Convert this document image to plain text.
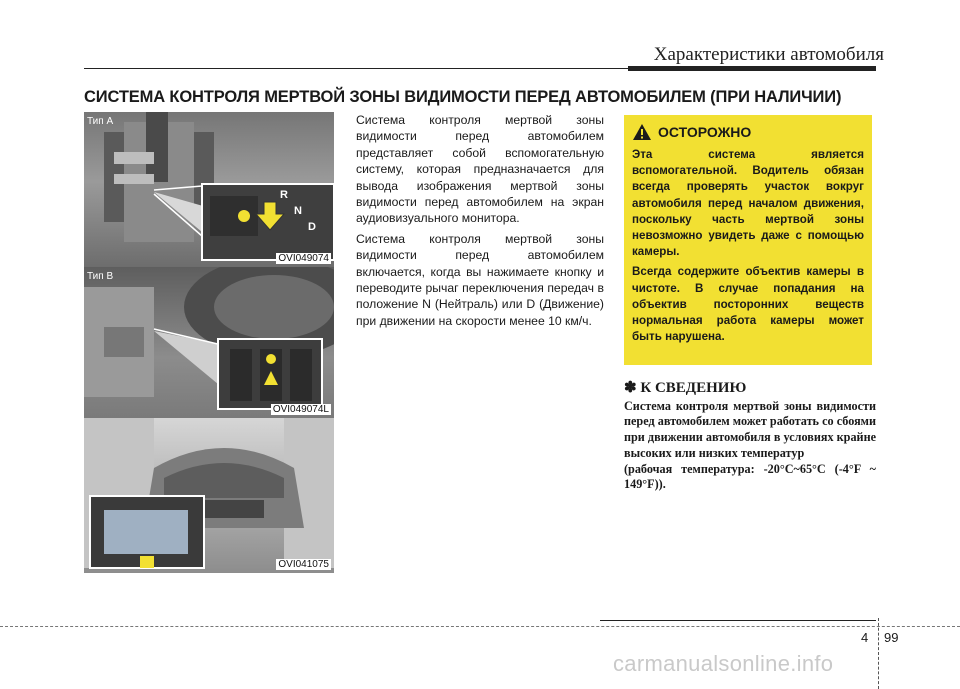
Характеристики автомобиля
СИСТЕМА КОНТРОЛЯ МЕРТВОЙ ЗОНЫ ВИДИМОСТИ ПЕРЕД АВТОМОБИЛЕМ (ПРИ НАЛИЧИИ)
Тип A
R
N
D
OVI049074
Тип B
OVI049074L
OVI041075

Система контроля мертвой зоны видимости перед автомобилем представляет собой вспомогательную систему, которая предназначается для вывода изображения мертвой зоны видимости перед автомобилем на экран аудиовизуального монитора.

Система контроля мертвой зоны видимости перед автомобилем включается, когда вы нажимаете кнопку и переводите рычаг переключения передач в положение N (Нейтраль) или D (Движение) при движении на скорости менее 10 км/ч.

ОСТОРОЖНО

Эта система является вспомогательной. Водитель обязан всегда проверять участок вокруг автомобиля перед началом движения, поскольку часть мертвой зоны невозможно увидеть даже с помощью камеры.

Всегда содержите объектив камеры в чистоте. В случае попадания на объектив посторонних веществ нормальная работа камеры может быть нарушена.

✽ К СВЕДЕНИЮ

Система контроля мертвой зоны видимости перед автомобилем может работать со сбоями при движении автомобиля в условиях крайне высоких или низких температур

(рабочая температура: -20°C~65°C (-4°F ~ 149°F)).

4 99
carmanualsonline.info
